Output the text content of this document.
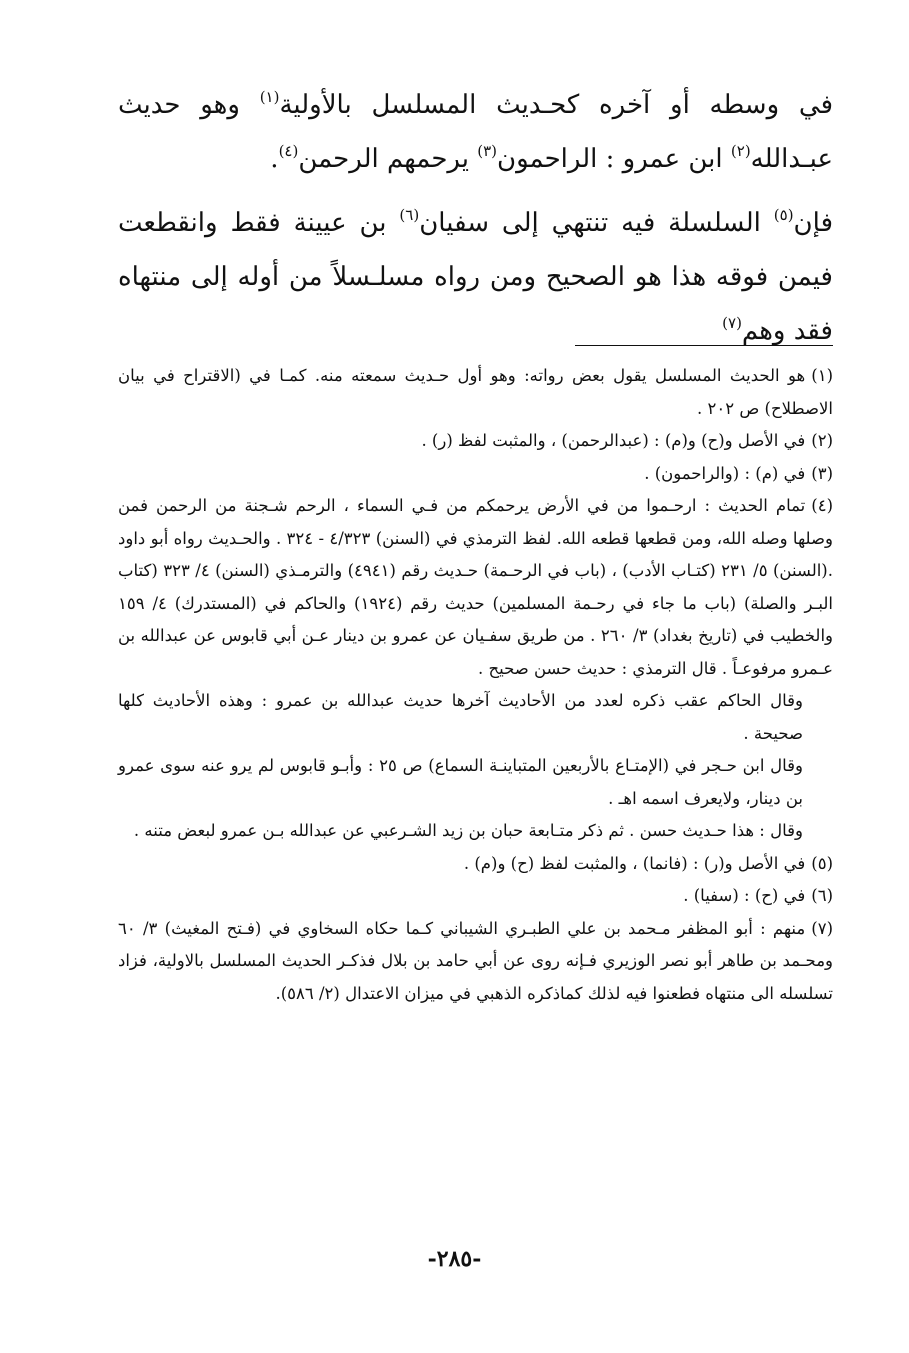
في وسطه أو آخره كحـديث المسلسل بالأولية$^{(١)}$ وهو حديث عبـدالله$^{(٢)}$ ابن عمرو : الراحمون$^{(٣)}$ يرحمهم الرحمن$^{(٤)}$.

فإن$^{(٥)}$ السلسلة فيه تنتهي إلى سفيان$^{(٦)}$ بن عيينة فقط وانقطعت فيمن فوقه هذا هو الصحيح ومن رواه مسلـسلاً من أوله إلى منتهاه فقد وهم$^{(٧)}$

(١)هو الحديث المسلسل يقول بعض رواته: وهو أول حـديث سمعته منه. كمـا في (الاقتراح في بيان الاصطلاح) ص ٢٠٢ .

(٢)في الأصل و(ح) و(م) : (عبدالرحمن) ، والمثبت لفظ (ر) .

(٣)في (م) : (والراحمون) .

(٤)تمام الحديث : ارحـموا من في الأرض يرحمكم من فـي السماء ، الرحم شـجنة من الرحمن فمن وصلها وصله الله، ومن قطعها قطعه الله. لفظ الترمذي في (السنن) ٤/٣٢٣ - ٣٢٤ . والحـديث رواه أبو داود .(السنن) ٥/ ٢٣١ (كتـاب الأدب) ، (باب في الرحـمة) حـديث رقم (٤٩٤١) والترمـذي (السنن) ٤/ ٣٢٣ (كتاب البـر والصلة) (باب ما جاء في رحـمة المسلمين) حديث رقم (١٩٢٤) والحاكم في (المستدرك) ٤/ ١٥٩ والخطيب في (تاريخ بغداد) ٣/ ٢٦٠ . من طريق سفـيان عن عمرو بن دينار عـن أبي قابوس عن عبدالله بن عـمرو مرفوعـاً . قال الترمذي : حديث حسن صحيح .

وقال الحاكم عقب ذكره لعدد من الأحاديث آخرها حديث عبدالله بن عمرو : وهذه الأحاديث كلها صحيحة .

وقال ابن حـجر في (الإمتـاع بالأربعين المتباينـة السماع) ص ٢٥ : وأبـو قابوس لم يرو عنه سوى عمرو بن دينار، ولايعرف اسمه اهـ .

وقال : هذا حـديث حسن . ثم ذكر متـابعة حبان بن زيد الشـرعبي عن عبدالله بـن عمرو لبعض متنه .

(٥)في الأصل و(ر) : (فانما) ، والمثبت لفظ (ح) و(م) .

(٦)في (ح) : (سفيا) .

(٧)منهم : أبو المظفر مـحمد بن علي الطبـري الشيباني كـما حكاه السخاوي في (فـتح المغيث) ٣/ ٦٠ ومحـمد بن طاهر أبو نصر الوزيري فـإنه روى عن أبي حامد بن بلال فذكـر الحديث المسلسل بالاولية، فزاد تسلسله الى منتهاه فطعنوا فيه لذلك كماذكره الذهبي في ميزان الاعتدال (٢/ ٥٨٦).

-٢٨٥-
